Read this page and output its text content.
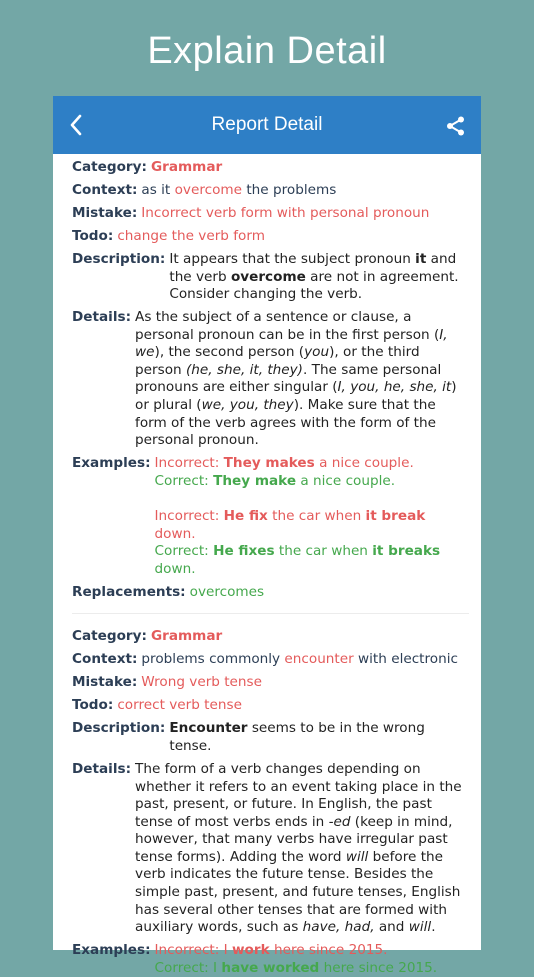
Explain Detail
Report Detail
Category: Grammar
Context: as it overcome the problems
Mistake: Incorrect verb form with personal pronoun
Todo: change the verb form
Description: It appears that the subject pronoun it and the verb overcome are not in agreement. Consider changing the verb.
Details: As the subject of a sentence or clause, a personal pronoun can be in the first person (I, we), the second person (you), or the third person (he, she, it, they). The same personal pronouns are either singular (I, you, he, she, it) or plural (we, you, they). Make sure that the form of the verb agrees with the form of the personal pronoun.
Examples: Incorrect: They makes a nice couple.
Correct: They make a nice couple.
Incorrect: He fix the car when it break down.
Correct: He fixes the car when it breaks down.
Replacements: overcomes
Category: Grammar
Context: problems commonly encounter with electronic
Mistake: Wrong verb tense
Todo: correct verb tense
Description: Encounter seems to be in the wrong tense.
Details: The form of a verb changes depending on whether it refers to an event taking place in the past, present, or future. In English, the past tense of most verbs ends in -ed (keep in mind, however, that many verbs have irregular past tense forms). Adding the word will before the verb indicates the future tense. Besides the simple past, present, and future tenses, English has several other tenses that are formed with auxiliary words, such as have, had, and will.
Examples: Incorrect: I work here since 2015.
Correct: I have worked here since 2015.
